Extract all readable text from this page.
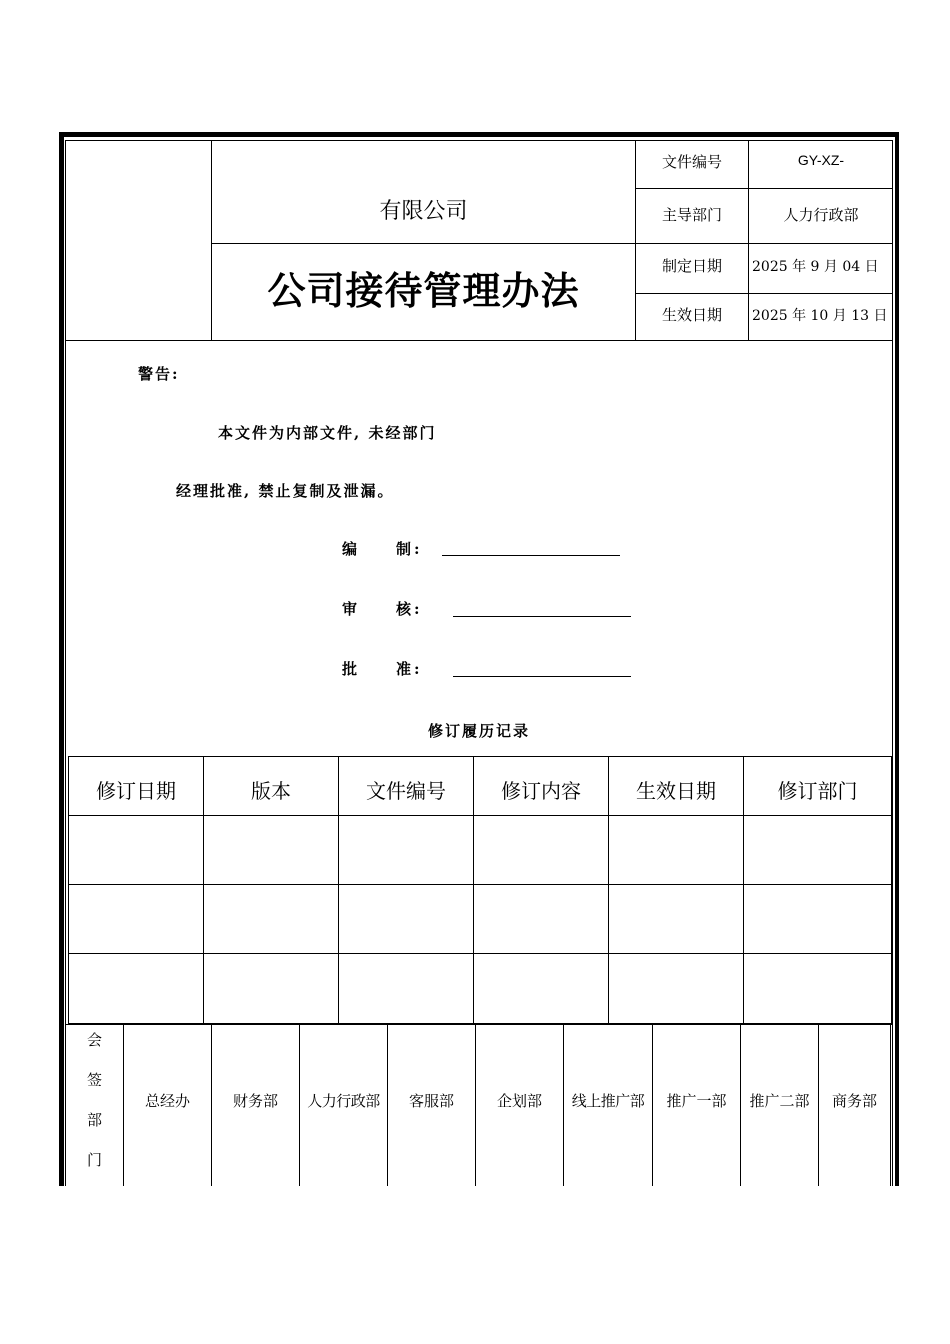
有限公司
公司接待管理办法
文件编号	GY-XZ-
主导部门	人力行政部
制定日期	2025 年 9 月 04 日
生效日期	2025 年 10 月 13 日
警告:
本文件为内部文件, 未经部门
经理批准, 禁止复制及泄漏。
编　　制:
审　　核:
批　　准:
修订履历记录
修订日期	版本	文件编号	修订内容	生效日期	修订部门
会
签
部
门
总经办	财务部	人力行政部	客服部	企划部	线上推广部	推广一部	推广二部	商务部
